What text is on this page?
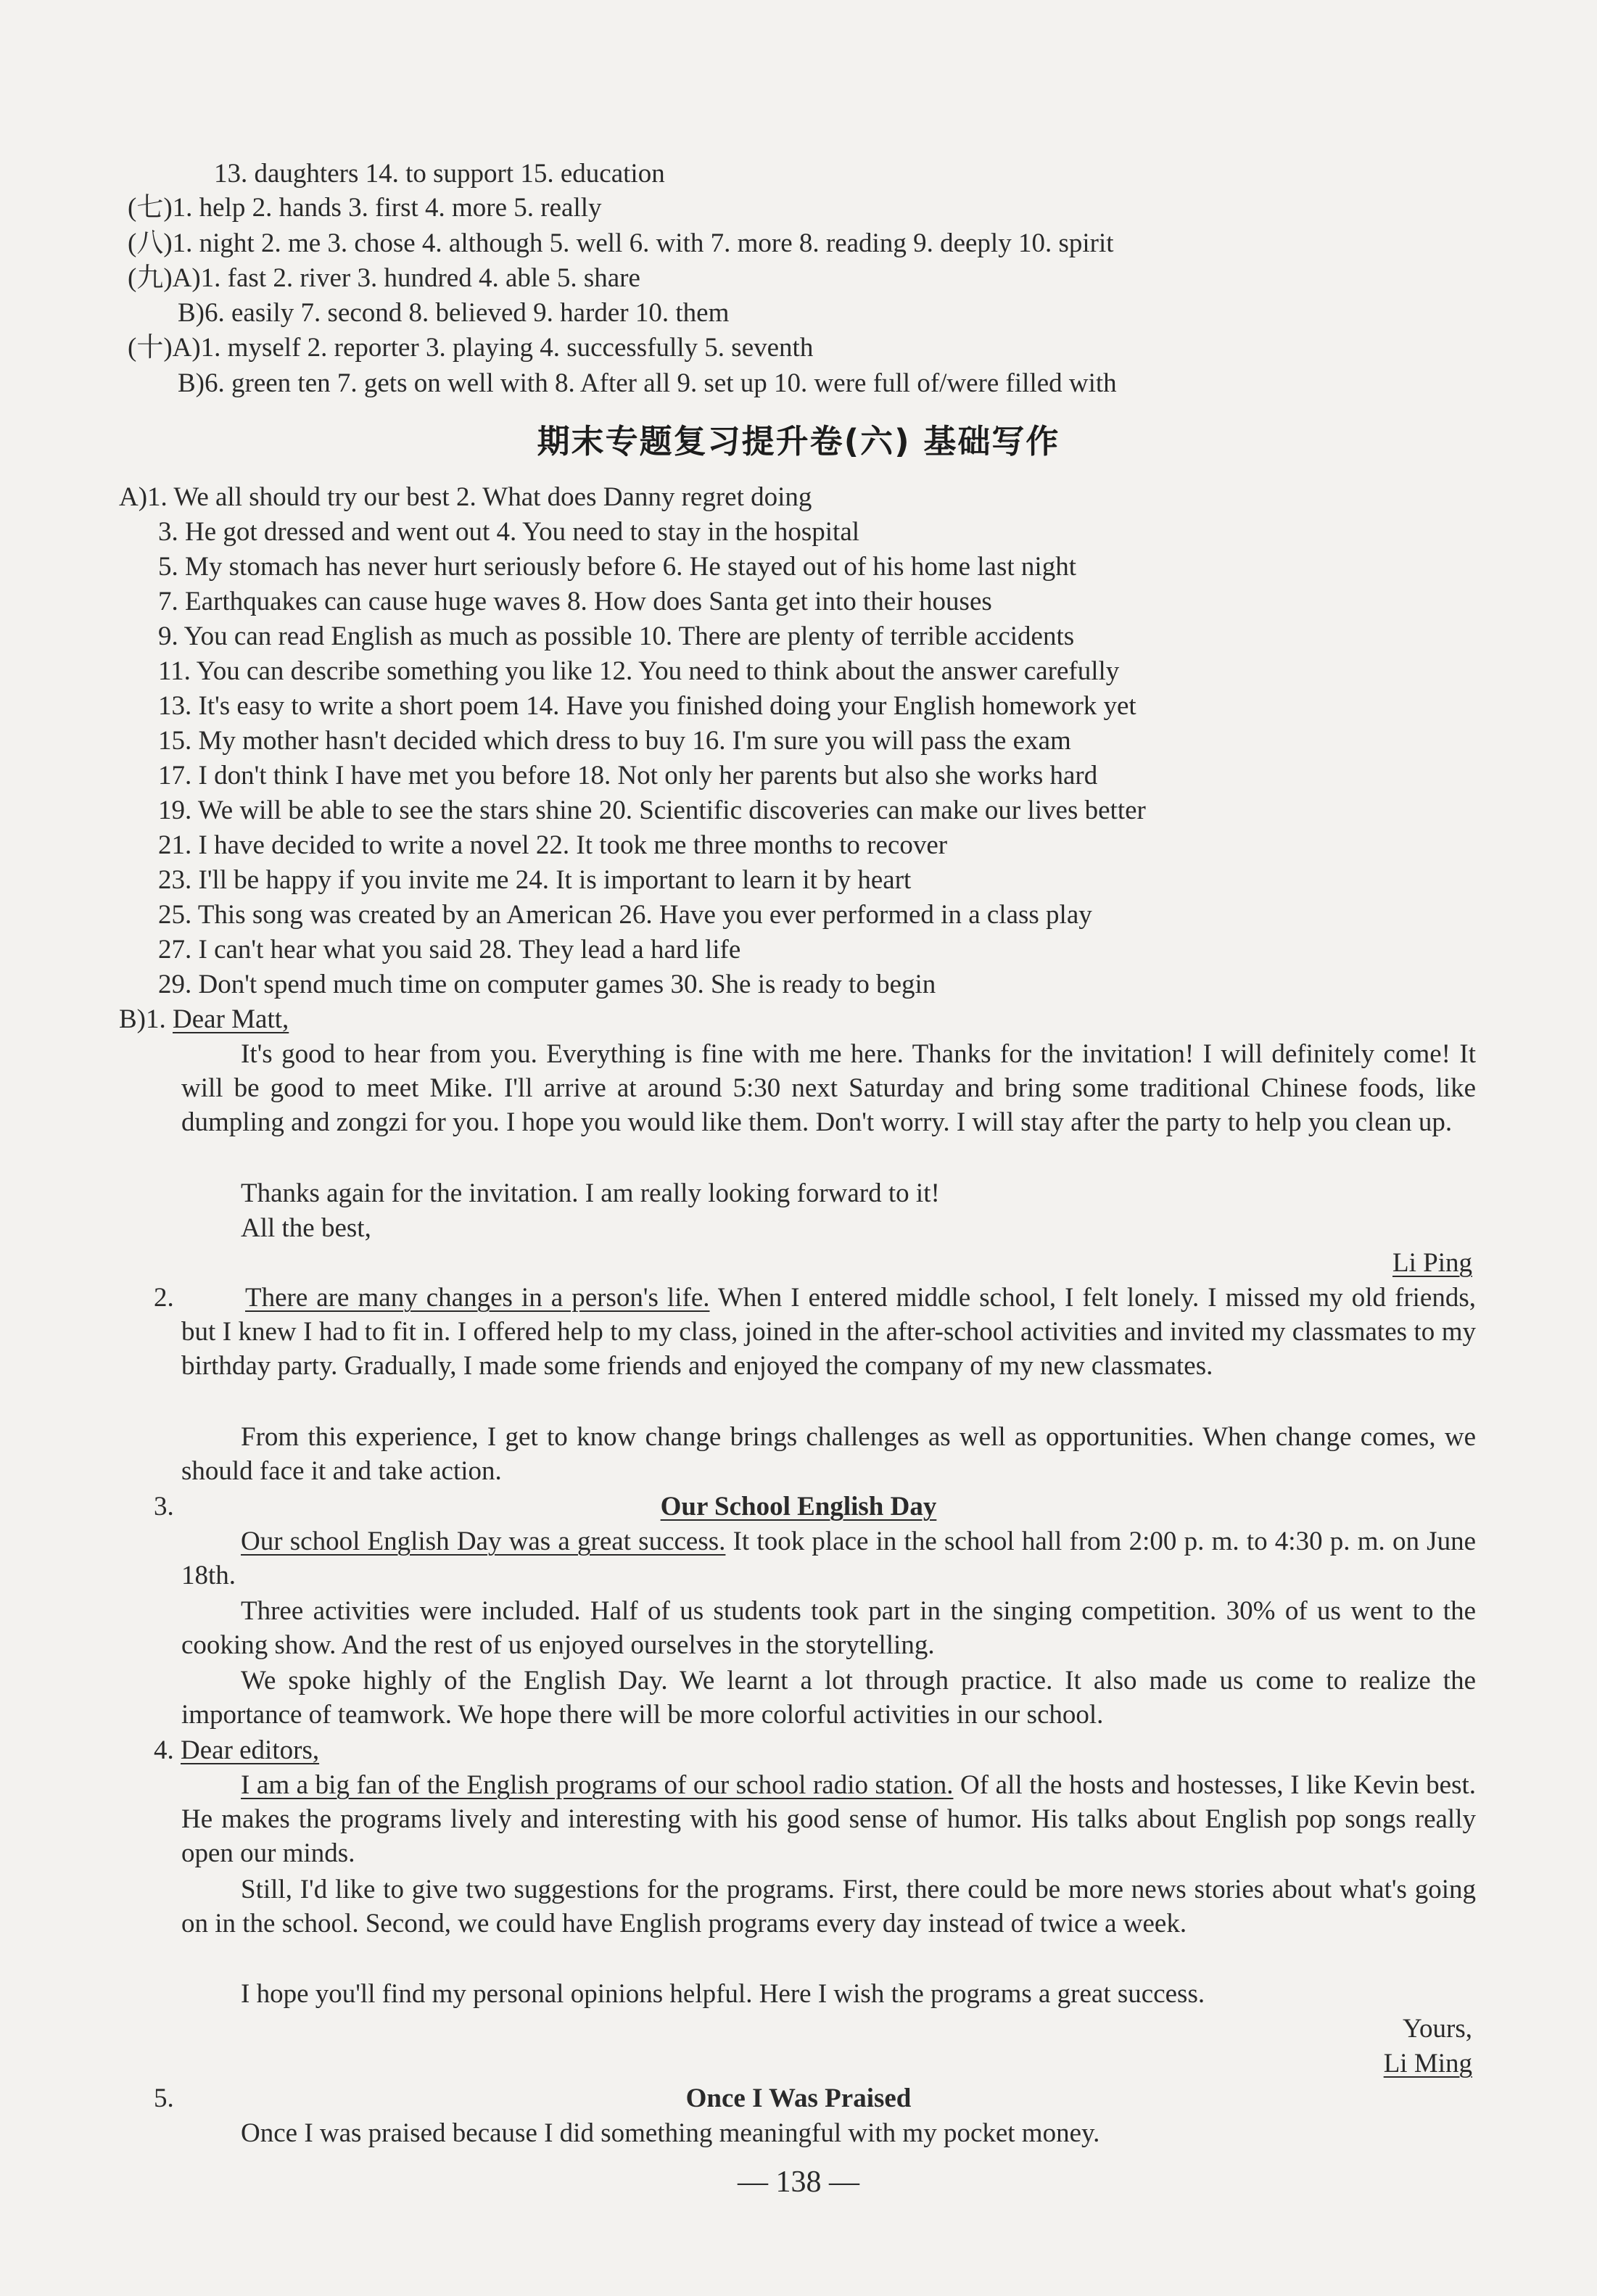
13. daughters 14. to support 15. education
(七)1. help 2. hands 3. first 4. more 5. really
(八)1. night 2. me 3. chose 4. although 5. well 6. with 7. more 8. reading 9. deeply 10. spirit
(九)A)1. fast 2. river 3. hundred 4. able 5. share
B)6. easily 7. second 8. believed 9. harder 10. them
(十)A)1. myself 2. reporter 3. playing 4. successfully 5. seventh
B)6. green ten 7. gets on well with 8. After all 9. set up 10. were full of/were filled with
期末专题复习提升卷(六) 基础写作
A)1. We all should try our best 2. What does Danny regret doing
3. He got dressed and went out 4. You need to stay in the hospital
5. My stomach has never hurt seriously before 6. He stayed out of his home last night
7. Earthquakes can cause huge waves 8. How does Santa get into their houses
9. You can read English as much as possible 10. There are plenty of terrible accidents
11. You can describe something you like 12. You need to think about the answer carefully
13. It's easy to write a short poem 14. Have you finished doing your English homework yet
15. My mother hasn't decided which dress to buy 16. I'm sure you will pass the exam
17. I don't think I have met you before 18. Not only her parents but also she works hard
19. We will be able to see the stars shine 20. Scientific discoveries can make our lives better
21. I have decided to write a novel 22. It took me three months to recover
23. I'll be happy if you invite me 24. It is important to learn it by heart
25. This song was created by an American 26. Have you ever performed in a class play
27. I can't hear what you said 28. They lead a hard life
29. Don't spend much time on computer games 30. She is ready to begin
B)1. Dear Matt,
It's good to hear from you. Everything is fine with me here. Thanks for the invitation! I will definitely come! It will be good to meet Mike. I'll arrive at around 5:30 next Saturday and bring some traditional Chinese foods, like dumpling and zongzi for you. I hope you would like them. Don't worry. I will stay after the party to help you clean up.
Thanks again for the invitation. I am really looking forward to it!
All the best,
Li Ping
2.	There are many changes in a person's life. When I entered middle school, I felt lonely. I missed my old friends, but I knew I had to fit in. I offered help to my class, joined in the after-school activities and invited my classmates to my birthday party. Gradually, I made some friends and enjoyed the company of my new classmates.
From this experience, I get to know change brings challenges as well as opportunities. When change comes, we should face it and take action.
3.	Our School English Day
Our school English Day was a great success. It took place in the school hall from 2:00 p. m. to 4:30 p. m. on June 18th.
Three activities were included. Half of us students took part in the singing competition. 30% of us went to the cooking show. And the rest of us enjoyed ourselves in the storytelling.
We spoke highly of the English Day. We learnt a lot through practice. It also made us come to realize the importance of teamwork. We hope there will be more colorful activities in our school.
4. Dear editors,
I am a big fan of the English programs of our school radio station. Of all the hosts and hostesses, I like Kevin best. He makes the programs lively and interesting with his good sense of humor. His talks about English pop songs really open our minds.
Still, I'd like to give two suggestions for the programs. First, there could be more news stories about what's going on in the school. Second, we could have English programs every day instead of twice a week.
I hope you'll find my personal opinions helpful. Here I wish the programs a great success.
Yours,
Li Ming
5.	Once I Was Praised
Once I was praised because I did something meaningful with my pocket money.
— 138 —
